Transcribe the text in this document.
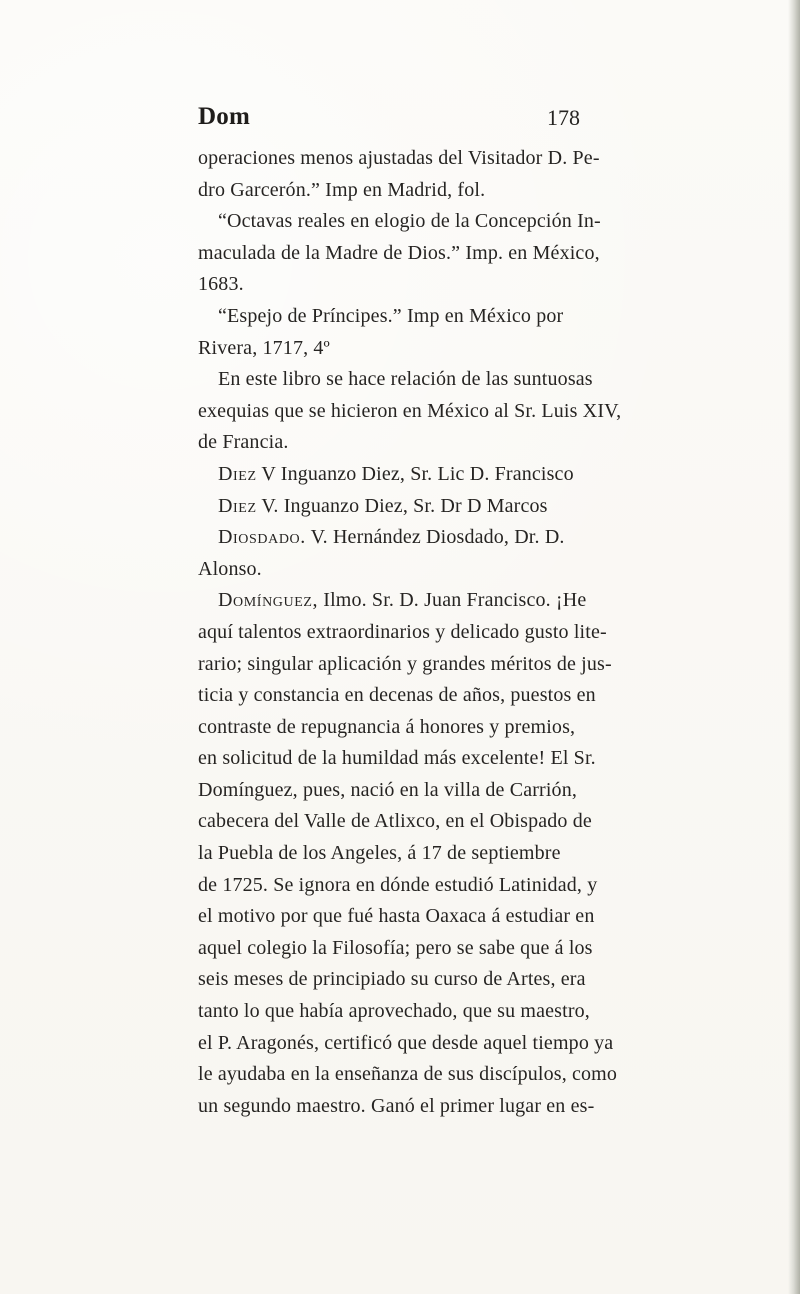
Dom	178
operaciones menos ajustadas del Visitador D. Pe-
dro Garcerón.” Imp en Madrid, fol.
“Octavas reales en elogio de la Concepción In-
maculada de la Madre de Dios.” Imp. en México,
1683.
“Espejo de Príncipes.” Imp en México por
Rivera, 1717, 4º
En este libro se hace relación de las suntuosas
exequias que se hicieron en México al Sr. Luis XIV,
de Francia.
Diez V Inguanzo Diez, Sr. Lic D. Francisco
Diez V. Inguanzo Diez, Sr. Dr D Marcos
Diosdado. V. Hernández Diosdado, Dr. D.
Alonso.
Domínguez, Ilmo. Sr. D. Juan Francisco. ¡He
aquí talentos extraordinarios y delicado gusto lite-
rario; singular aplicación y grandes méritos de jus-
ticia y constancia en decenas de años, puestos en
contraste de repugnancia á honores y premios,
en solicitud de la humildad más excelente! El Sr.
Domínguez, pues, nació en la villa de Carrión,
cabecera del Valle de Atlixco, en el Obispado de
la Puebla de los Angeles, á 17 de septiembre
de 1725. Se ignora en dónde estudió Latinidad, y
el motivo por que fué hasta Oaxaca á estudiar en
aquel colegio la Filosofía; pero se sabe que á los
seis meses de principiado su curso de Artes, era
tanto lo que había aprovechado, que su maestro,
el P. Aragonés, certificó que desde aquel tiempo ya
le ayudaba en la enseñanza de sus discípulos, como
un segundo maestro. Ganó el primer lugar en es-
